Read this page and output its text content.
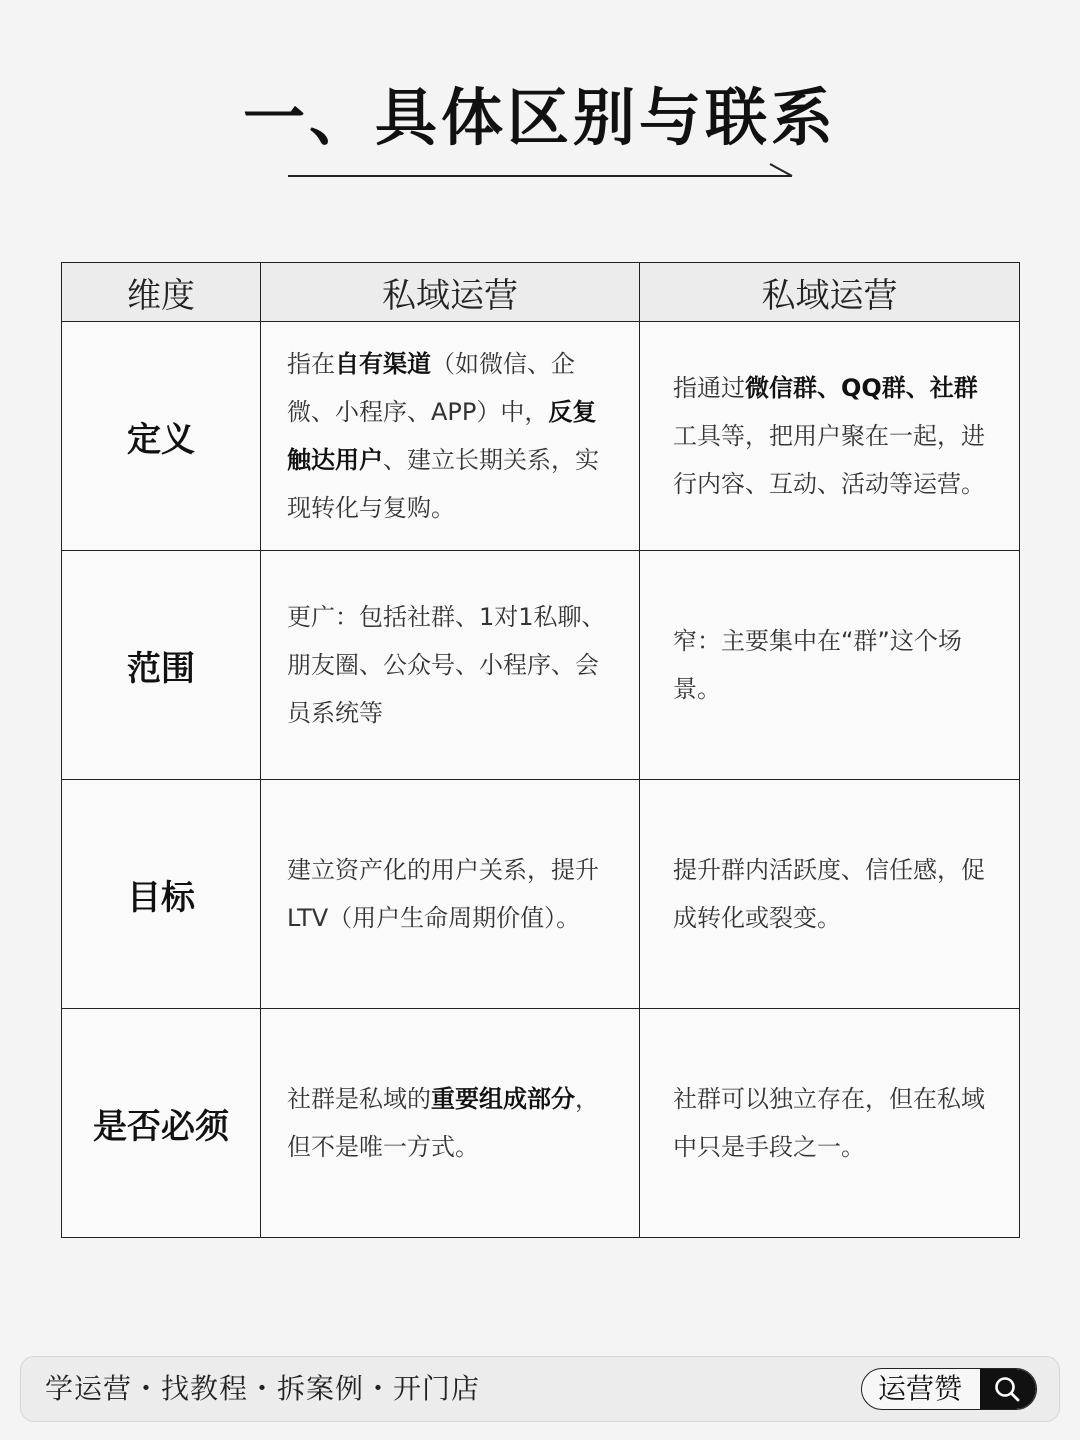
一、具体区别与联系
维度	私域运营	私域运营
定义	指在自有渠道（如微信、企微、小程序、APP）中，反复触达用户、建立长期关系，实现转化与复购。	指通过微信群、QQ群、社群工具等，把用户聚在一起，进行内容、互动、活动等运营。
范围	更广：包括社群、1对1私聊、朋友圈、公众号、小程序、会员系统等	窄：主要集中在“群”这个场景。
目标	建立资产化的用户关系，提升LTV（用户生命周期价值）。	提升群内活跃度、信任感，促成转化或裂变。
是否必须	社群是私域的重要组成部分，但不是唯一方式。	社群可以独立存在，但在私域中只是手段之一。
学运营・找教程・拆案例・开门店	运营赞
